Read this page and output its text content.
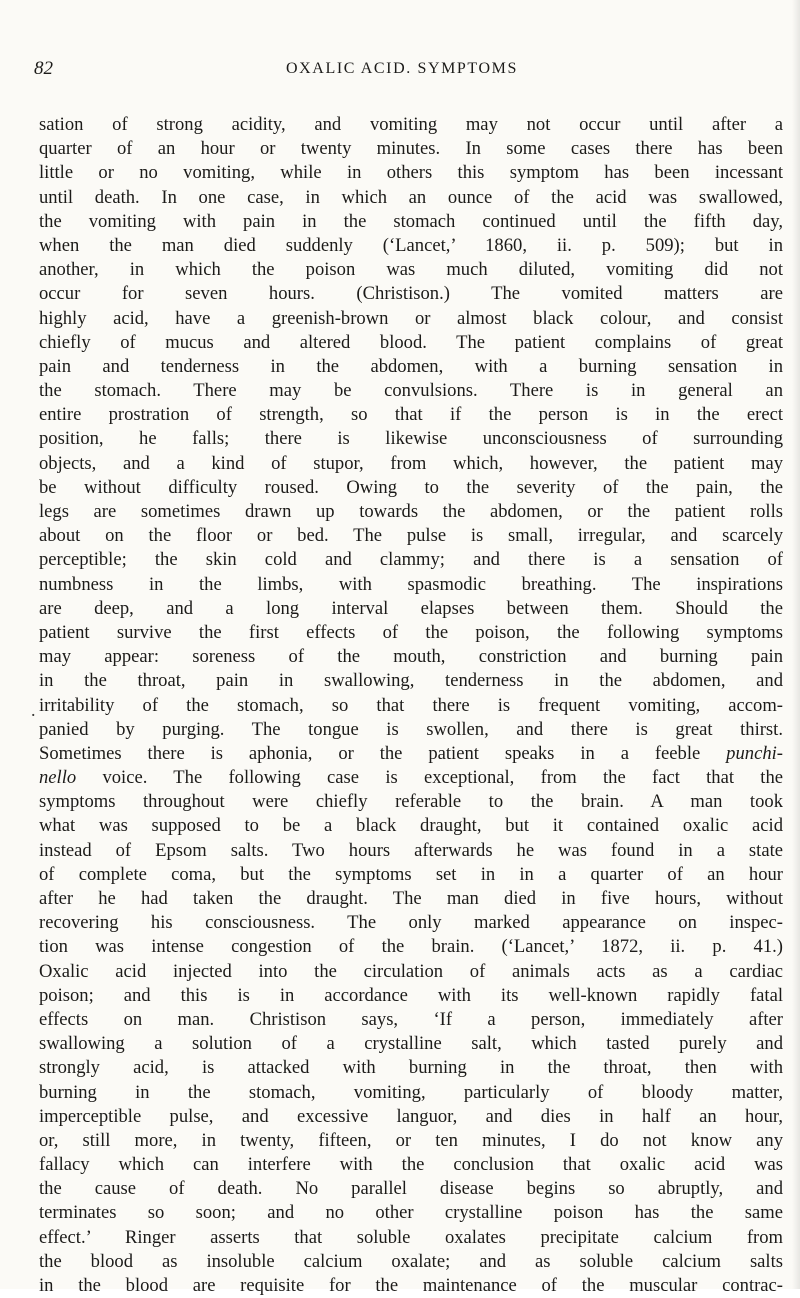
82	OXALIC ACID. SYMPTOMS
.
sation of strong acidity, and vomiting may not occur until after a
quarter of an hour or twenty minutes. In some cases there has been
little or no vomiting, while in others this symptom has been incessant
until death. In one case, in which an ounce of the acid was swallowed,
the vomiting with pain in the stomach continued until the fifth day,
when the man died suddenly (‘Lancet,’ 1860, ii. p. 509); but in
another, in which the poison was much diluted, vomiting did not
occur for seven hours. (Christison.) The vomited matters are
highly acid, have a greenish-brown or almost black colour, and consist
chiefly of mucus and altered blood. The patient complains of great
pain and tenderness in the abdomen, with a burning sensation in
the stomach. There may be convulsions. There is in general an
entire prostration of strength, so that if the person is in the erect
position, he falls; there is likewise unconsciousness of surrounding
objects, and a kind of stupor, from which, however, the patient may
be without difficulty roused. Owing to the severity of the pain, the
legs are sometimes drawn up towards the abdomen, or the patient rolls
about on the floor or bed. The pulse is small, irregular, and scarcely
perceptible; the skin cold and clammy; and there is a sensation of
numbness in the limbs, with spasmodic breathing. The inspirations
are deep, and a long interval elapses between them. Should the
patient survive the first effects of the poison, the following symptoms
may appear: soreness of the mouth, constriction and burning pain
in the throat, pain in swallowing, tenderness in the abdomen, and
irritability of the stomach, so that there is frequent vomiting, accom-
panied by purging. The tongue is swollen, and there is great thirst.
Sometimes there is aphonia, or the patient speaks in a feeble punchi-
nello voice. The following case is exceptional, from the fact that the
symptoms throughout were chiefly referable to the brain. A man took
what was supposed to be a black draught, but it contained oxalic acid
instead of Epsom salts. Two hours afterwards he was found in a state
of complete coma, but the symptoms set in in a quarter of an hour
after he had taken the draught. The man died in five hours, without
recovering his consciousness. The only marked appearance on inspec-
tion was intense congestion of the brain. (‘Lancet,’ 1872, ii. p. 41.)
Oxalic acid injected into the circulation of animals acts as a cardiac
poison; and this is in accordance with its well-known rapidly fatal
effects on man. Christison says, ‘If a person, immediately after
swallowing a solution of a crystalline salt, which tasted purely and
strongly acid, is attacked with burning in the throat, then with
burning in the stomach, vomiting, particularly of bloody matter,
imperceptible pulse, and excessive languor, and dies in half an hour,
or, still more, in twenty, fifteen, or ten minutes, I do not know any
fallacy which can interfere with the conclusion that oxalic acid was
the cause of death. No parallel disease begins so abruptly, and
terminates so soon; and no other crystalline poison has the same
effect.’ Ringer asserts that soluble oxalates precipitate calcium from
the blood as insoluble calcium oxalate; and as soluble calcium salts
in the blood are requisite for the maintenance of the muscular contrac-
